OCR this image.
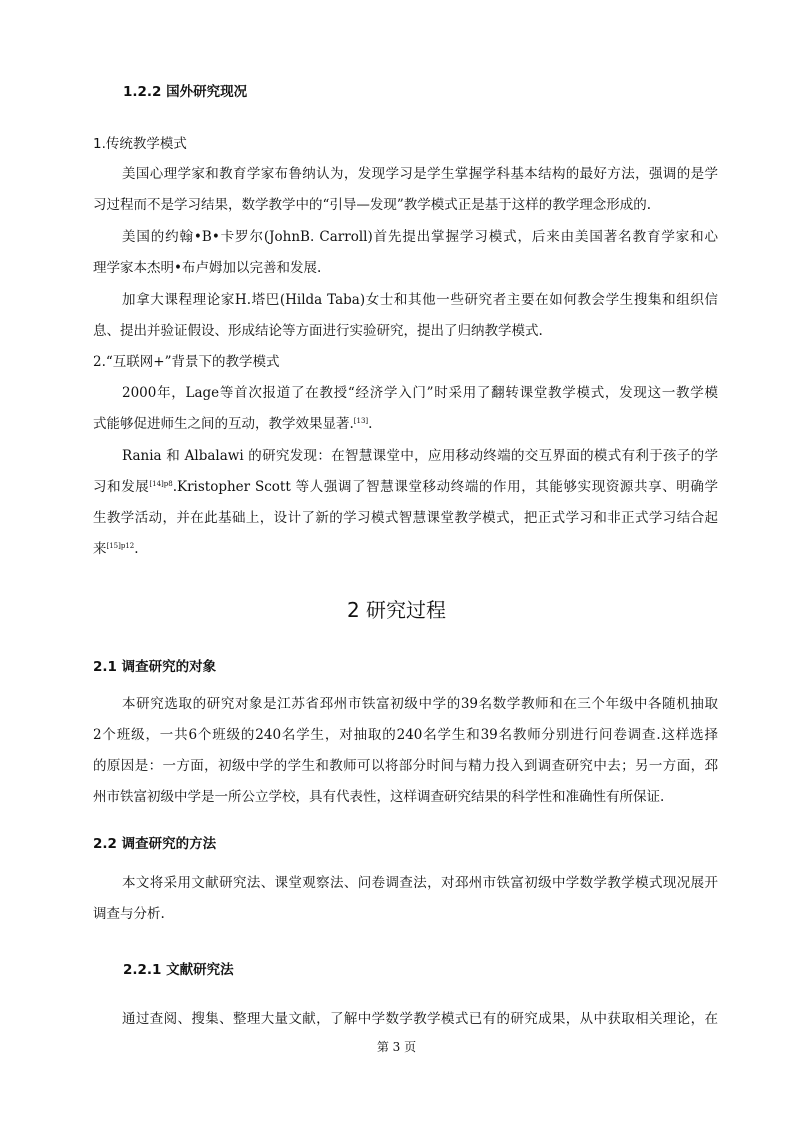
1.2.2 国外研究现况
1.传统教学模式
美国心理学家和教育学家布鲁纳认为，发现学习是学生掌握学科基本结构的最好方法，强调的是学
习过程而不是学习结果，数学教学中的“引导—发现”教学模式正是基于这样的教学理念形成的.
美国的约翰•B•卡罗尔(JohnB. Carroll)首先提出掌握学习模式，后来由美国著名教育学家和心
理学家本杰明•布卢姆加以完善和发展.
加拿大课程理论家H.塔巴(Hilda Taba)女士和其他一些研究者主要在如何教会学生搜集和组织信
息、提出并验证假设、形成结论等方面进行实验研究，提出了归纳教学模式.
2.“互联网+”背景下的教学模式
2000年，Lage等首次报道了在教授“经济学入门”时采用了翻转课堂教学模式，发现这一教学模
式能够促进师生之间的互动，教学效果显著.[13].
Rania 和 Albalawi 的研究发现：在智慧课堂中，应用移动终端的交互界面的模式有利于孩子的学
习和发展$^{[14]p8}$.Kristopher Scott 等人强调了智慧课堂移动终端的作用，其能够实现资源共享、明确学
生教学活动，并在此基础上，设计了新的学习模式智慧课堂教学模式，把正式学习和非正式学习结合起
来$^{[15]p12}$.
2 研究过程
2.1 调查研究的对象
本研究选取的研究对象是江苏省邳州市铁富初级中学的39名数学教师和在三个年级中各随机抽取
2个班级，一共6个班级的240名学生，对抽取的240名学生和39名教师分别进行问卷调查.这样选择
的原因是：一方面，初级中学的学生和教师可以将部分时间与精力投入到调查研究中去；另一方面，邳
州市铁富初级中学是一所公立学校，具有代表性，这样调查研究结果的科学性和准确性有所保证.
2.2 调查研究的方法
本文将采用文献研究法、课堂观察法、问卷调查法，对邳州市铁富初级中学数学教学模式现况展开
调查与分析.
2.2.1 文献研究法
通过查阅、搜集、整理大量文献，了解中学数学教学模式已有的研究成果，从中获取相关理论，在
第 3 页
